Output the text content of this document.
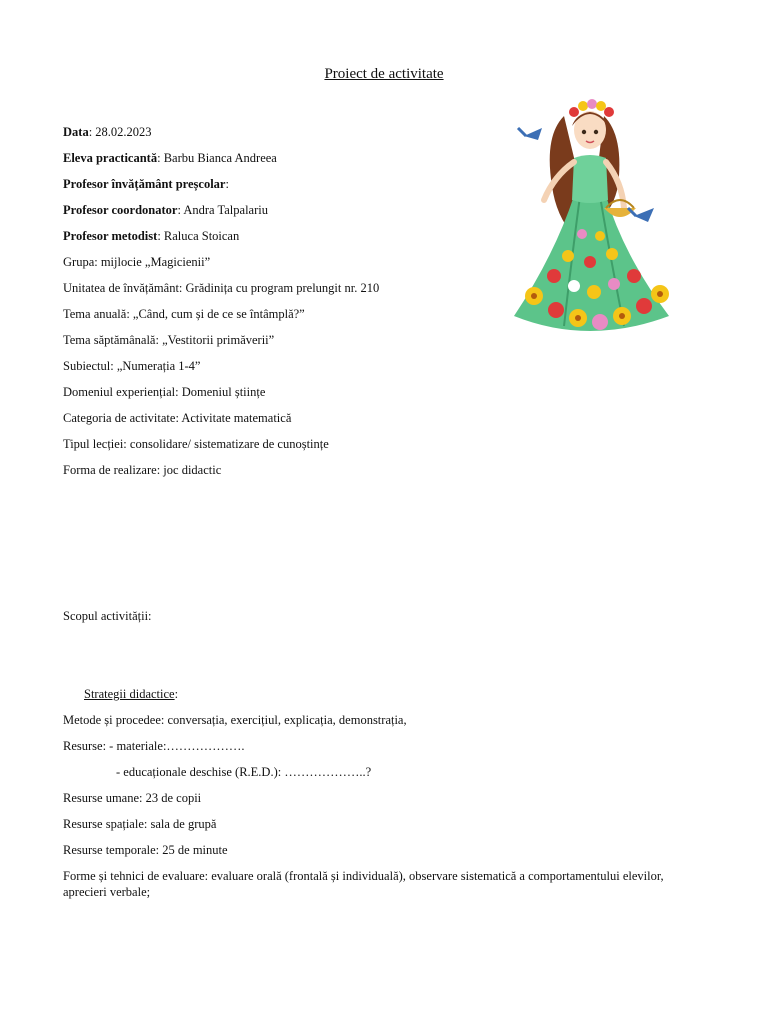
Proiect de activitate
Data: 28.02.2023
Eleva practicantă: Barbu Bianca Andreea
Profesor învățământ preșcolar:
Profesor coordonator: Andra Talpalariu
Profesor metodist: Raluca Stoican
Grupa: mijlocie „Magicienii”
Unitatea de învățământ: Grădinița cu program prelungit nr. 210
Tema anuală: „Când, cum și de ce se întâmplă?”
Tema săptămânală: „Vestitorii primăverii”
Subiectul: „Numerația 1-4”
Domeniul experiențial: Domeniul științe
Categoria de activitate: Activitate matematică
Tipul lecției: consolidare/ sistematizare de cunoștințe
Forma de realizare: joc didactic
Scopul activității:
Strategii didactice:
Metode și procedee: conversația, exercițiul, explicația, demonstrația,
Resurse: - materiale:……………….
- educaționale deschise (R.E.D.): ………………..?
Resurse umane: 23 de copii
Resurse spațiale: sala de grupă
Resurse temporale: 25 de minute
Forme și tehnici de evaluare: evaluare orală (frontală și individuală), observare sistematică a comportamentului elevilor, aprecieri verbale;
